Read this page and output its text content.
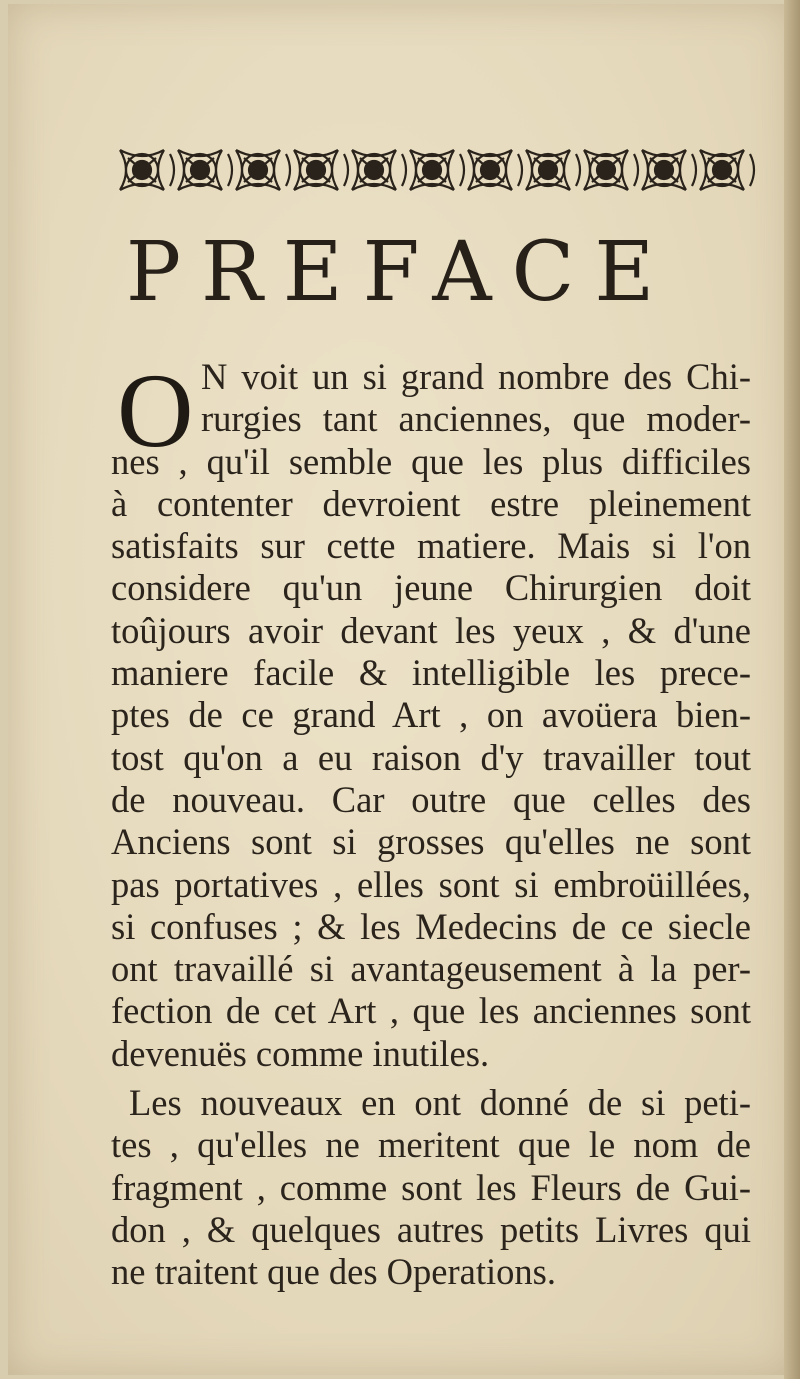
PREFACE
O N voit un si grand nombre des Chi-
rurgies tant anciennes, que moder-
nes , qu'il semble que les plus difficiles
à contenter devroient estre pleinement
satisfaits sur cette matiere. Mais si l'on
considere qu'un jeune Chirurgien doit
toûjours avoir devant les yeux , & d'une
maniere facile & intelligible les prece-
ptes de ce grand Art , on avoüera bien-
tost qu'on a eu raison d'y travailler tout
de nouveau. Car outre que celles des
Anciens sont si grosses qu'elles ne sont
pas portatives , elles sont si embroüillées,
si confuses ; & les Medecins de ce siecle
ont travaillé si avantageusement à la per-
fection de cet Art , que les anciennes sont
devenuës comme inutiles.
Les nouveaux en ont donné de si peti-
tes , qu'elles ne meritent que le nom de
fragment , comme sont les Fleurs de Gui-
don , & quelques autres petits Livres qui
ne traitent que des Operations.
